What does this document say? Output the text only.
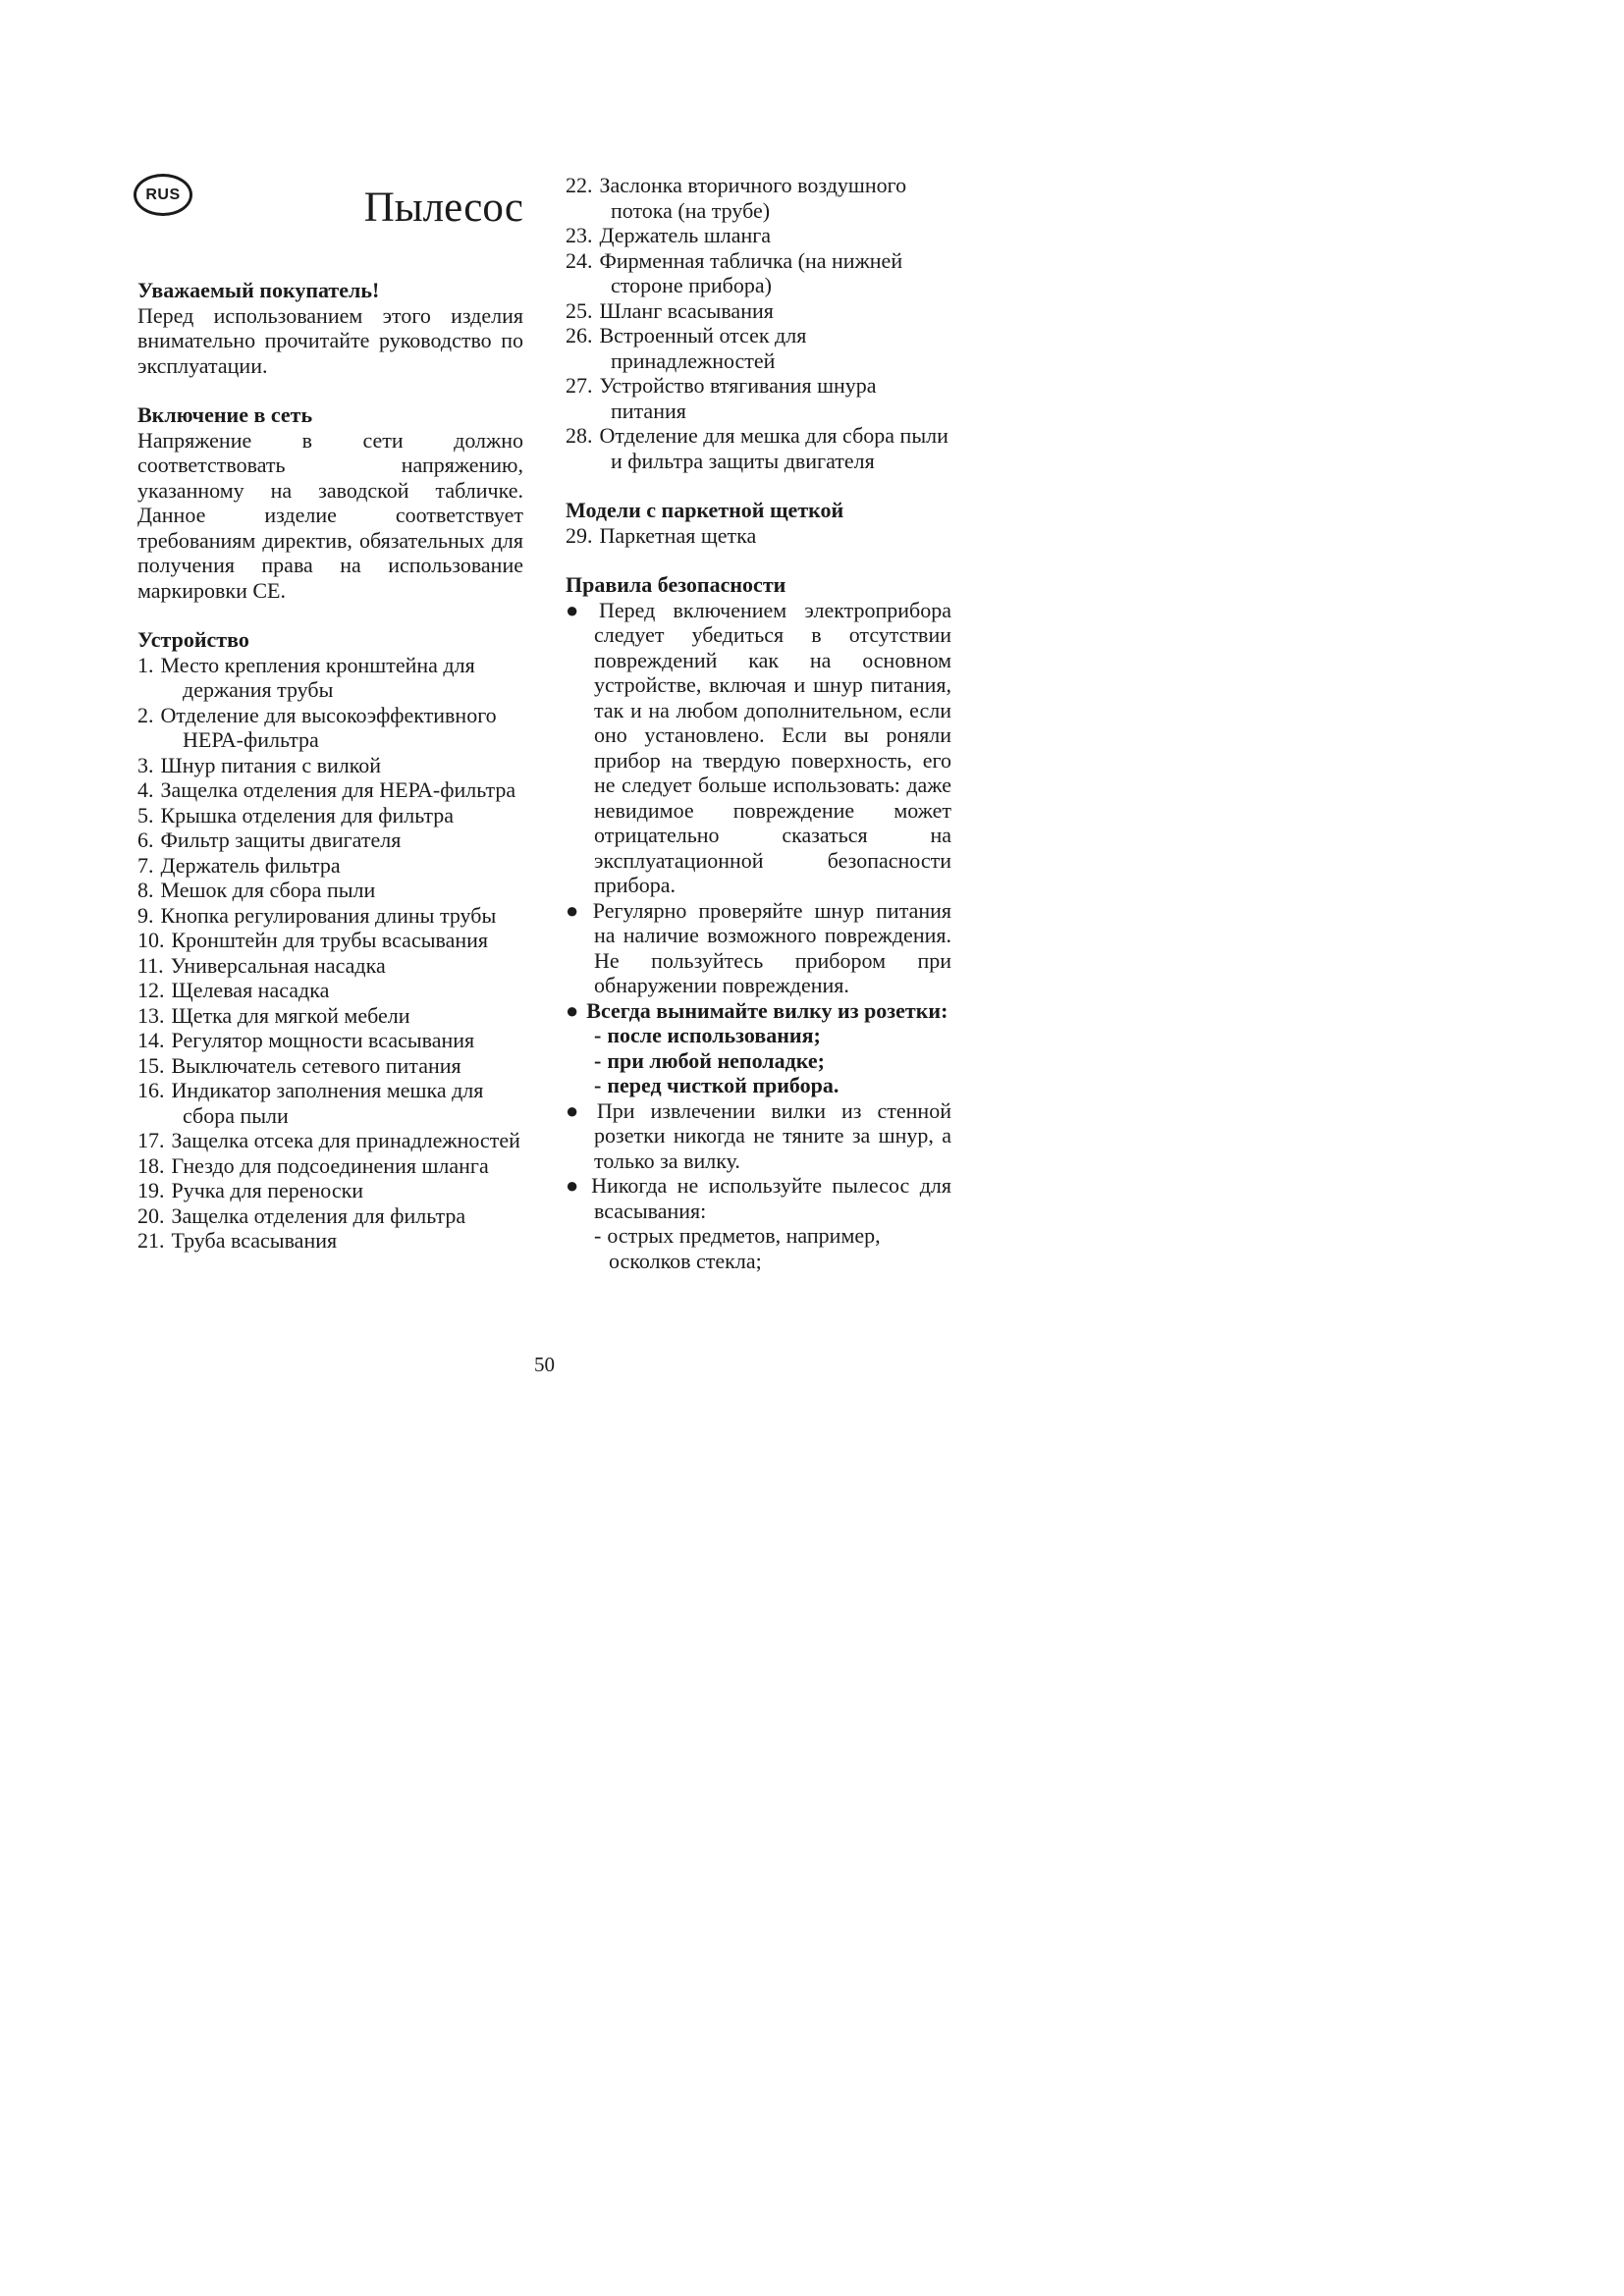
RUS	Пылесос
Уважаемый покупатель!

Перед использованием этого изделия внимательно прочитайте руководство по эксплуатации.

Включение в сеть

Напряжение в сети должно соответствовать напряжению, указанному на заводской табличке. Данное изделие соответствует требованиям директив, обязательных для получения права на использование маркировки СЕ.

Устройство
1. Место крепления кронштейна для держания трубы
2. Отделение для высокоэффективного НЕРА-фильтра
3. Шнур питания с вилкой
4. Защелка отделения для НЕРА-фильтра
5. Крышка отделения для фильтра
6. Фильтр защиты двигателя
7. Держатель фильтра
8. Мешок для сбора пыли
9. Кнопка регулирования длины трубы
10. Кронштейн для трубы всасывания
11. Универсальная насадка
12. Щелевая насадка
13. Щетка для мягкой мебели
14. Регулятор мощности всасывания
15. Выключатель сетевого питания
16. Индикатор заполнения мешка для сбора пыли
17. Защелка отсека для принадлежностей
18. Гнездо для подсоединения шланга
19. Ручка для переноски
20. Защелка отделения для фильтра
21. Труба всасывания
22. Заслонка вторичного воздушного потока (на трубе)
23. Держатель шланга
24. Фирменная табличка (на нижней стороне прибора)
25. Шланг всасывания
26. Встроенный отсек для принадлежностей
27. Устройство втягивания шнура питания
28. Отделение для мешка для сбора пыли и фильтра защиты двигателя
Модели с паркетной щеткой
29. Паркетная щетка
Правила безопасности
● Перед включением электроприбора следует убедиться в отсутствии повреждений как на основном устройстве, включая и шнур питания, так и на любом дополнительном, если оно установлено. Если вы роняли прибор на твердую поверхность, его не следует больше использовать: даже невидимое повреждение может отрицательно сказаться на эксплуатационной безопасности прибора.
● Регулярно проверяйте шнур питания на наличие возможного повреждения. Не пользуйтесь прибором при обнаружении повреждения.
● Всегда вынимайте вилку из розетки:
- после использования;
- при любой неполадке;
- перед чисткой прибора.
● При извлечении вилки из стенной розетки никогда не тяните за шнур, а только за вилку.
● Никогда не используйте пылесос для всасывания:
- острых предметов, например, осколков стекла;
50
